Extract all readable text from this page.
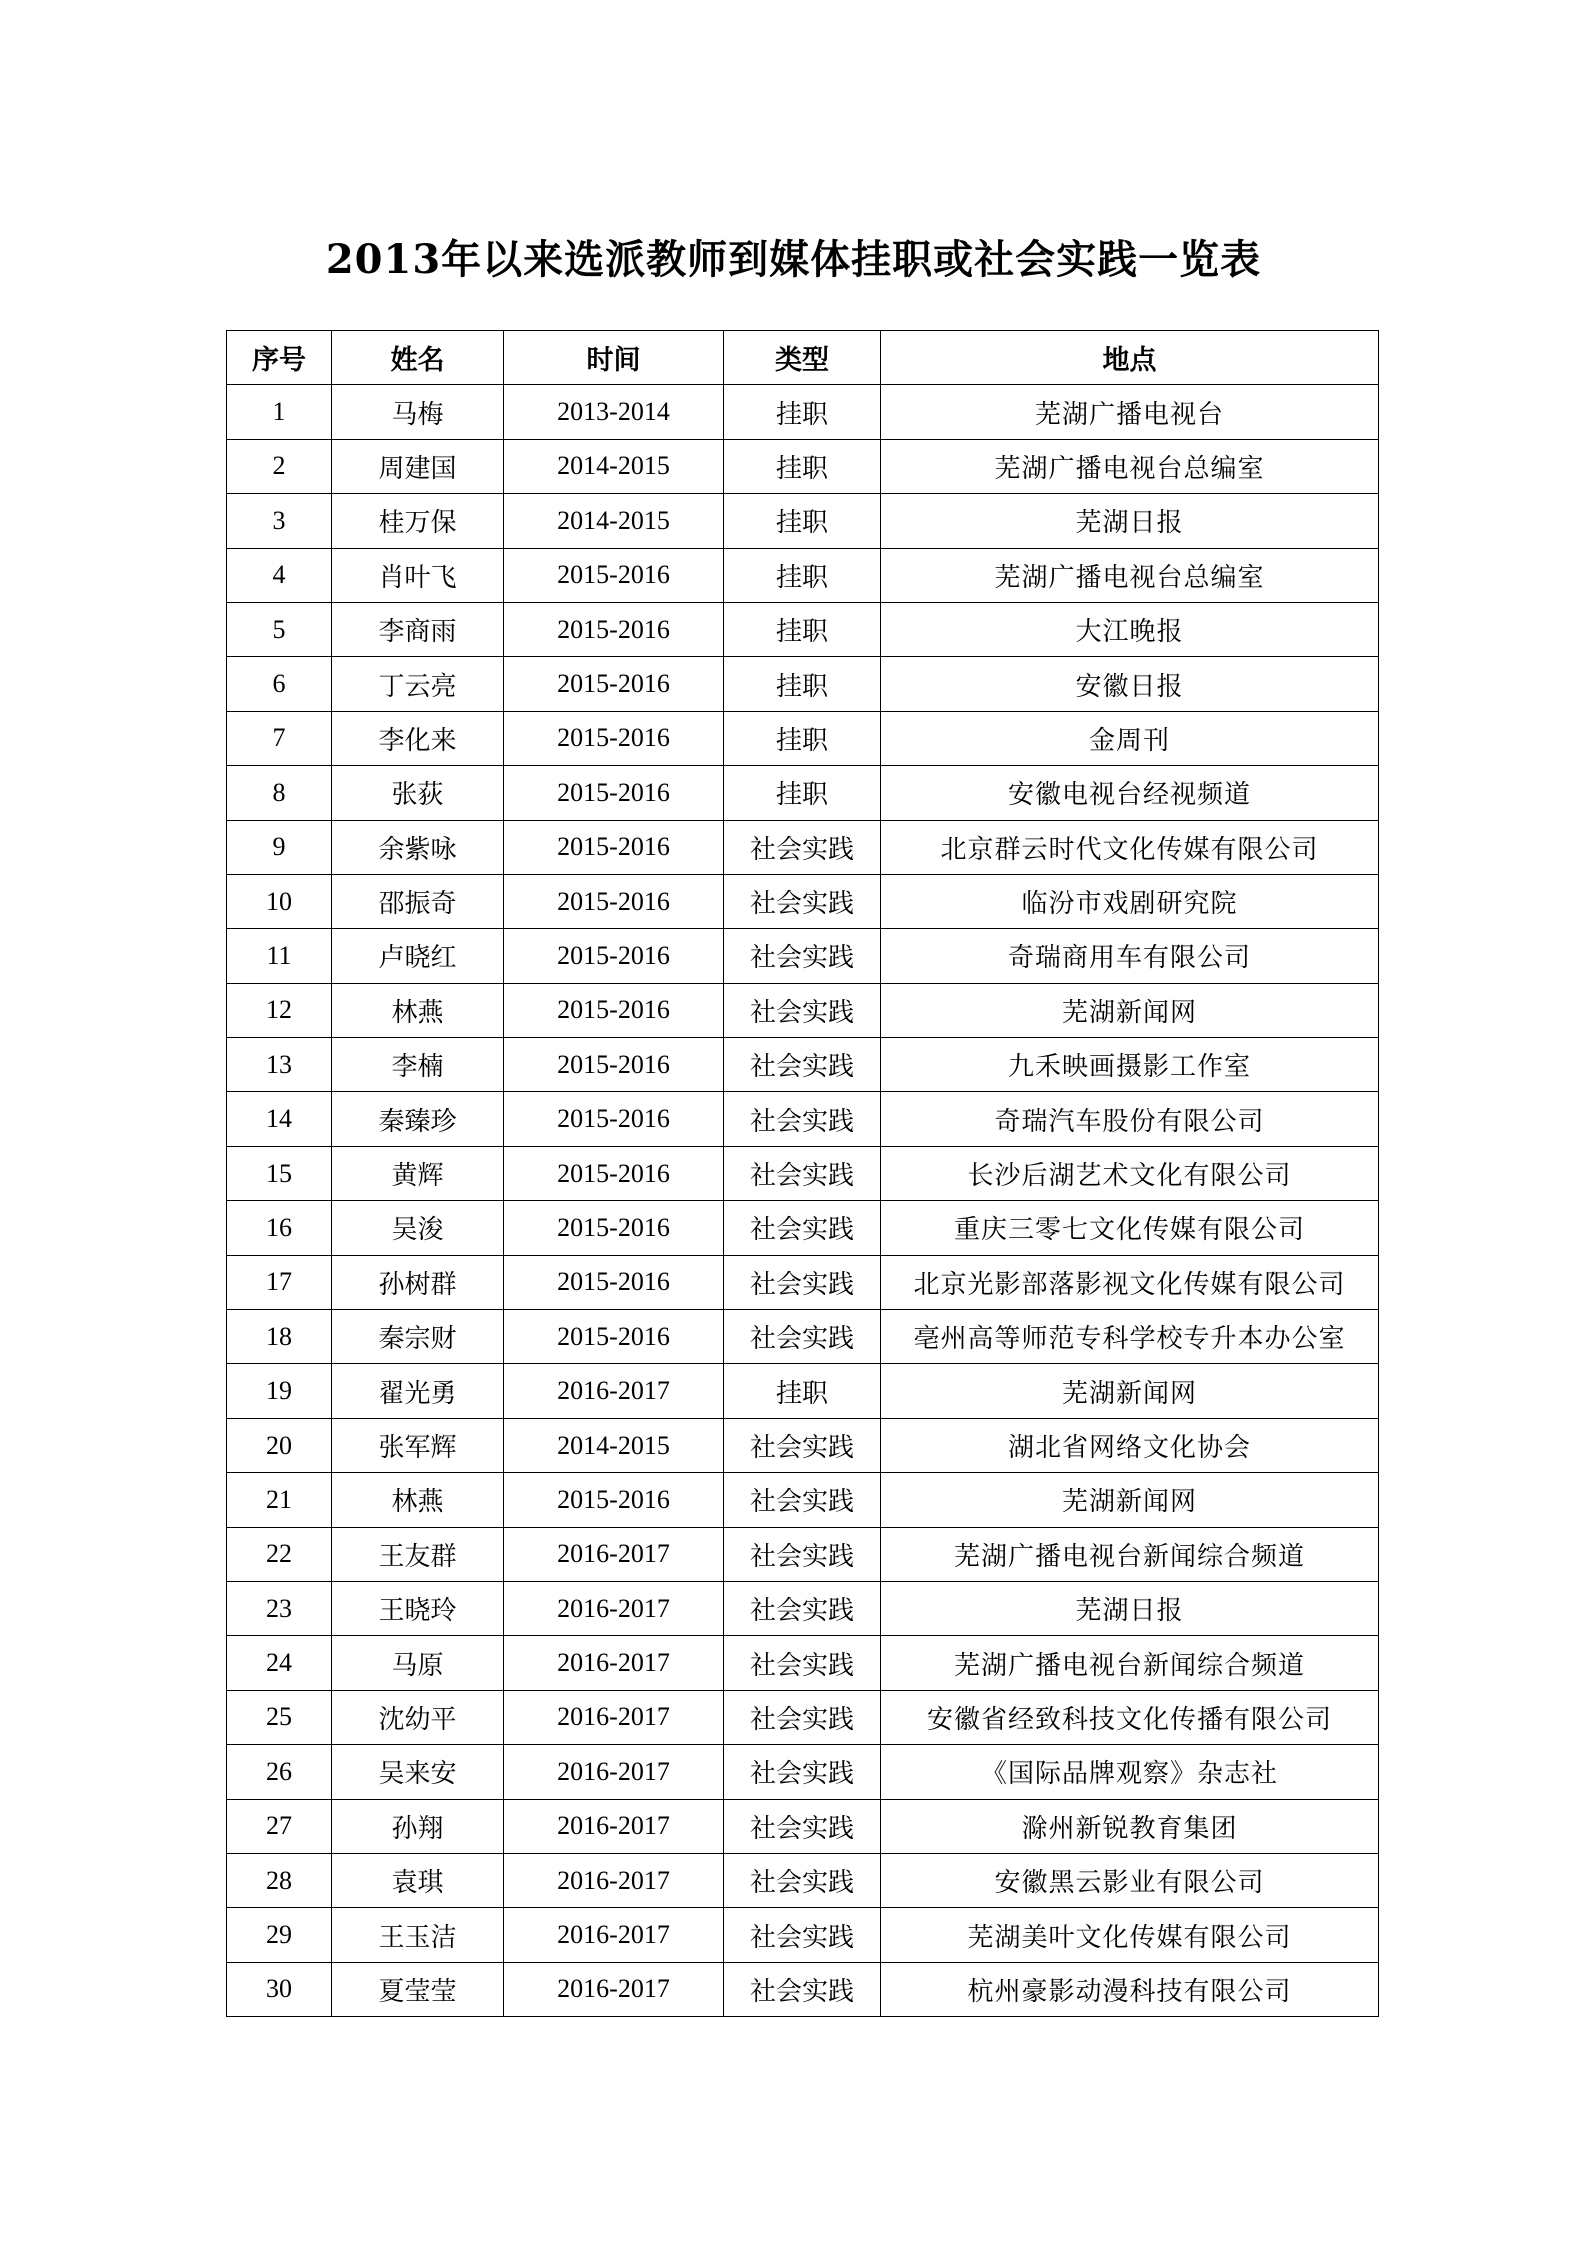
2013年以来选派教师到媒体挂职或社会实践一览表
序号	姓名	时间	类型	地点
1	马梅	2013-2014	挂职	芜湖广播电视台
2	周建国	2014-2015	挂职	芜湖广播电视台总编室
3	桂万保	2014-2015	挂职	芜湖日报
4	肖叶飞	2015-2016	挂职	芜湖广播电视台总编室
5	李商雨	2015-2016	挂职	大江晚报
6	丁云亮	2015-2016	挂职	安徽日报
7	李化来	2015-2016	挂职	金周刊
8	张荻	2015-2016	挂职	安徽电视台经视频道
9	余紫咏	2015-2016	社会实践	北京群云时代文化传媒有限公司
10	邵振奇	2015-2016	社会实践	临汾市戏剧研究院
11	卢晓红	2015-2016	社会实践	奇瑞商用车有限公司
12	林燕	2015-2016	社会实践	芜湖新闻网
13	李楠	2015-2016	社会实践	九禾映画摄影工作室
14	秦臻珍	2015-2016	社会实践	奇瑞汽车股份有限公司
15	黄辉	2015-2016	社会实践	长沙后湖艺术文化有限公司
16	吴浚	2015-2016	社会实践	重庆三零七文化传媒有限公司
17	孙树群	2015-2016	社会实践	北京光影部落影视文化传媒有限公司
18	秦宗财	2015-2016	社会实践	亳州高等师范专科学校专升本办公室
19	翟光勇	2016-2017	挂职	芜湖新闻网
20	张军辉	2014-2015	社会实践	湖北省网络文化协会
21	林燕	2015-2016	社会实践	芜湖新闻网
22	王友群	2016-2017	社会实践	芜湖广播电视台新闻综合频道
23	王晓玲	2016-2017	社会实践	芜湖日报
24	马原	2016-2017	社会实践	芜湖广播电视台新闻综合频道
25	沈幼平	2016-2017	社会实践	安徽省经致科技文化传播有限公司
26	吴来安	2016-2017	社会实践	《国际品牌观察》杂志社
27	孙翔	2016-2017	社会实践	滁州新锐教育集团
28	袁琪	2016-2017	社会实践	安徽黑云影业有限公司
29	王玉洁	2016-2017	社会实践	芜湖美叶文化传媒有限公司
30	夏莹莹	2016-2017	社会实践	杭州豪影动漫科技有限公司
